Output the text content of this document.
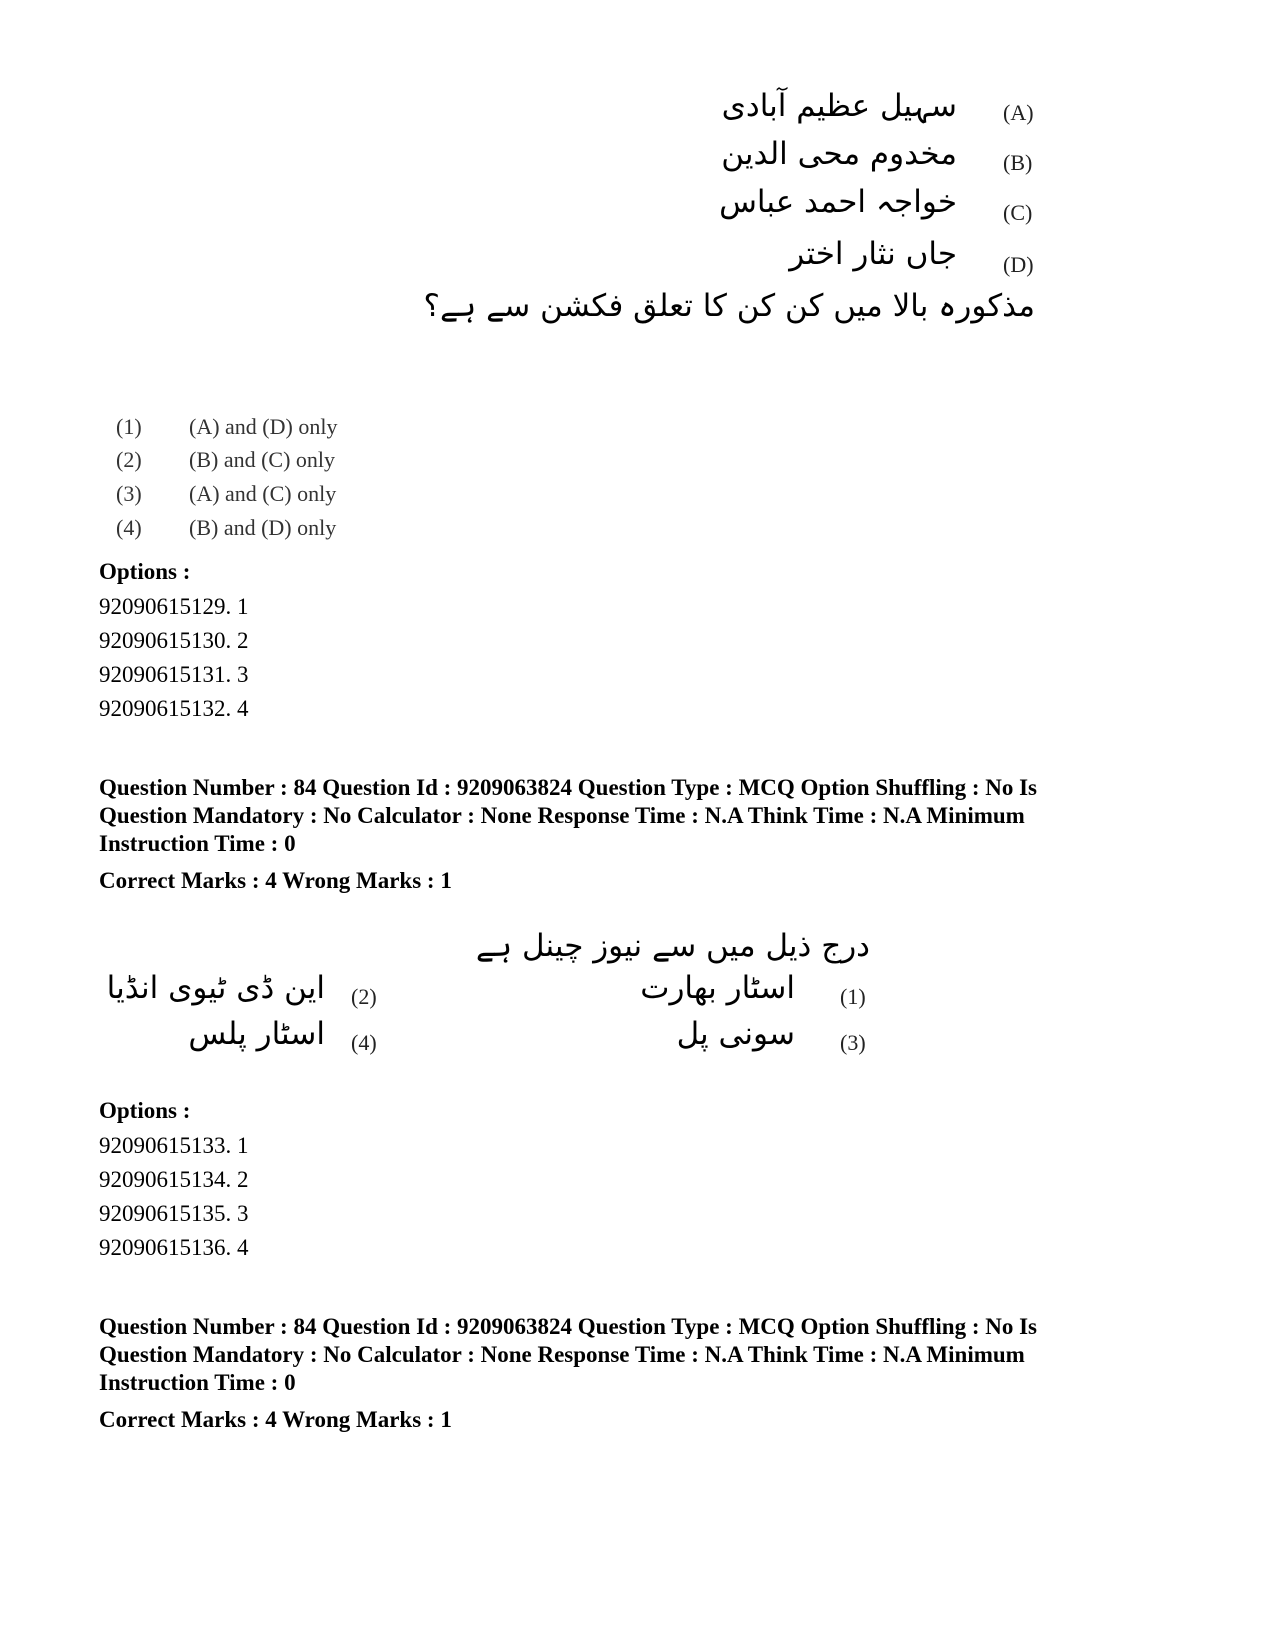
(A)
سہیل عظیم آبادی
(B)
مخدوم محی الدین
(C)
خواجہ احمد عباس
(D)
جاں نثار اختر
مذکورہ بالا میں کن کن کا تعلق فکشن سے ہے؟
(1) (A) and (D) only
(2) (B) and (C) only
(3) (A) and (C) only
(4) (B) and (D) only
Options :
92090615129. 1
92090615130. 2
92090615131. 3
92090615132. 4
Question Number : 84 Question Id : 9209063824 Question Type : MCQ Option Shuffling : No Is
Question Mandatory : No Calculator : None Response Time : N.A Think Time : N.A Minimum
Instruction Time : 0
Correct Marks : 4 Wrong Marks : 1
درج ذیل میں سے نیوز چینل ہے
(1)
اسٹار بھارت
(2)
این ڈی ٹیوی انڈیا
(3)
سونی پل
(4)
اسٹار پلس
Options :
92090615133. 1
92090615134. 2
92090615135. 3
92090615136. 4
Question Number : 84 Question Id : 9209063824 Question Type : MCQ Option Shuffling : No Is
Question Mandatory : No Calculator : None Response Time : N.A Think Time : N.A Minimum
Instruction Time : 0
Correct Marks : 4 Wrong Marks : 1
